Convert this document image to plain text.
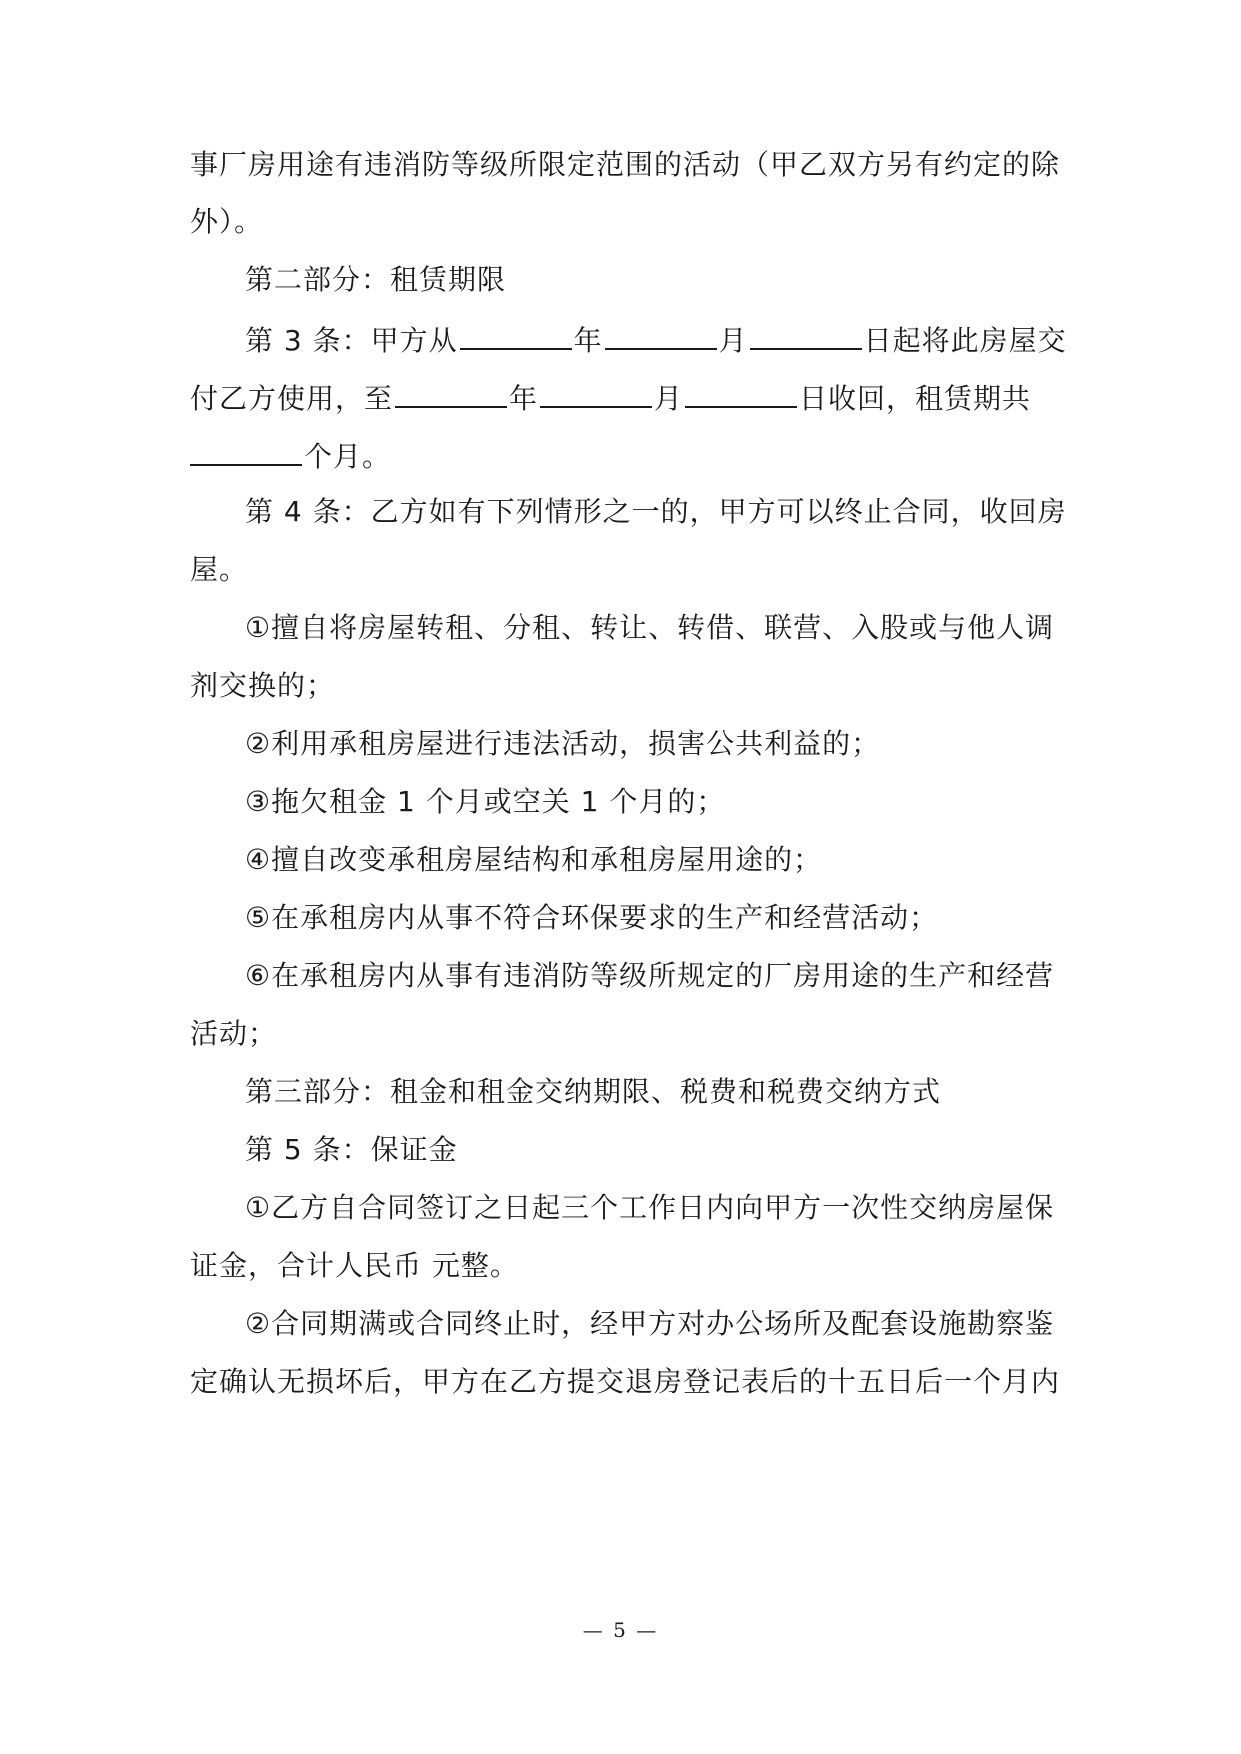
事厂房用途有违消防等级所限定范围的活动（甲乙双方另有约定的除
外）。
第二部分：租赁期限
第 3 条：甲方从	年	月	日起将此房屋交
付乙方使用，至	年	月	日收回，租赁期共
个月。
第 4 条：乙方如有下列情形之一的，甲方可以终止合同，收回房
屋。
①擅自将房屋转租、分租、转让、转借、联营、入股或与他人调
剂交换的；
②利用承租房屋进行违法活动，损害公共利益的；
③拖欠租金 1 个月或空关 1 个月的；
④擅自改变承租房屋结构和承租房屋用途的；
⑤在承租房内从事不符合环保要求的生产和经营活动；
⑥在承租房内从事有违消防等级所规定的厂房用途的生产和经营
活动；
第三部分：租金和租金交纳期限、税费和税费交纳方式
第 5 条：保证金
①乙方自合同签订之日起三个工作日内向甲方一次性交纳房屋保
证金，合计人民币 元整。
②合同期满或合同终止时，经甲方对办公场所及配套设施勘察鉴
定确认无损坏后，甲方在乙方提交退房登记表后的十五日后一个月内
— 5 —
